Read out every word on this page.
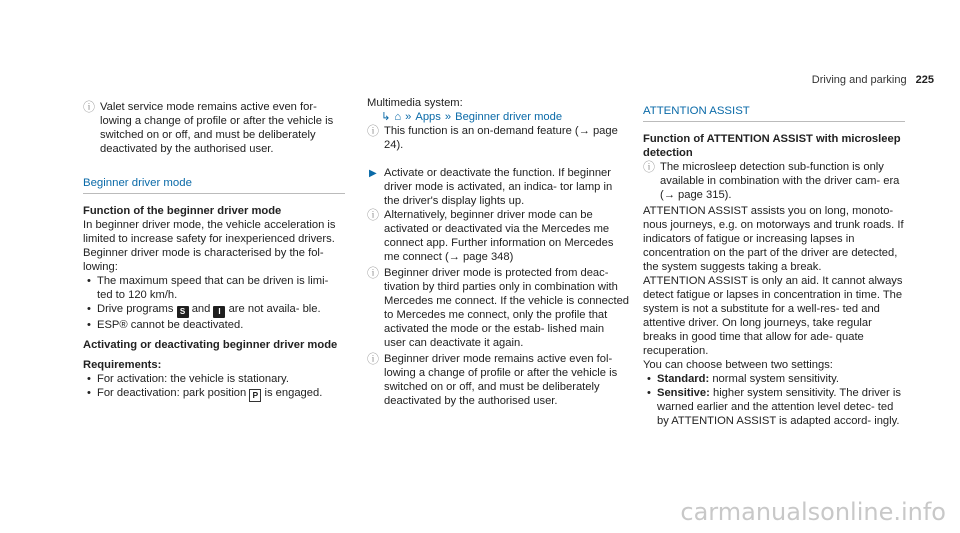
Driving and parking 225
ⓘ Valet service mode remains active even for- lowing a change of profile or after the vehicle is switched on or off, and must be deliberately deactivated by the authorised user.
Beginner driver mode
Function of the beginner driver mode
In beginner driver mode, the vehicle acceleration is limited to increase safety for inexperienced drivers.
Beginner driver mode is characterised by the fol- lowing:
• The maximum speed that can be driven is limi- ted to 120 km/h.
• Drive programs S and I are not availa- ble.
• ESP® cannot be deactivated.
Activating or deactivating beginner driver mode
Requirements:
• For activation: the vehicle is stationary.
• For deactivation: park position P is engaged.
Multimedia system:
↳ ⌂ » Apps » Beginner driver mode
ⓘ This function is an on-demand feature (→ page 24).
▶ Activate or deactivate the function. If beginner driver mode is activated, an indica- tor lamp in the driver's display lights up.
ⓘ Alternatively, beginner driver mode can be activated or deactivated via the Mercedes me connect app. Further information on Mercedes me connect (→ page 348)
ⓘ Beginner driver mode is protected from deac- tivation by third parties only in combination with Mercedes me connect. If the vehicle is connected to Mercedes me connect, only the profile that activated the mode or the estab- lished main user can deactivate it again.
ⓘ Beginner driver mode remains active even fol- lowing a change of profile or after the vehicle is switched on or off, and must be deliberately deactivated by the authorised user.
ATTENTION ASSIST
Function of ATTENTION ASSIST with microsleep detection
ⓘ The microsleep detection sub-function is only available in combination with the driver cam- era (→ page 315).
ATTENTION ASSIST assists you on long, monoto- nous journeys, e.g. on motorways and trunk roads. If indicators of fatigue or increasing lapses in concentration on the part of the driver are detected, the system suggests taking a break.
ATTENTION ASSIST is only an aid. It cannot always detect fatigue or lapses in concentration in time. The system is not a substitute for a well-res- ted and attentive driver. On long journeys, take regular breaks in good time that allow for ade- quate recuperation.
You can choose between two settings:
• Standard: normal system sensitivity.
• Sensitive: higher system sensitivity. The driver is warned earlier and the attention level detec- ted by ATTENTION ASSIST is adapted accord- ingly.
carmanualsonline.info
